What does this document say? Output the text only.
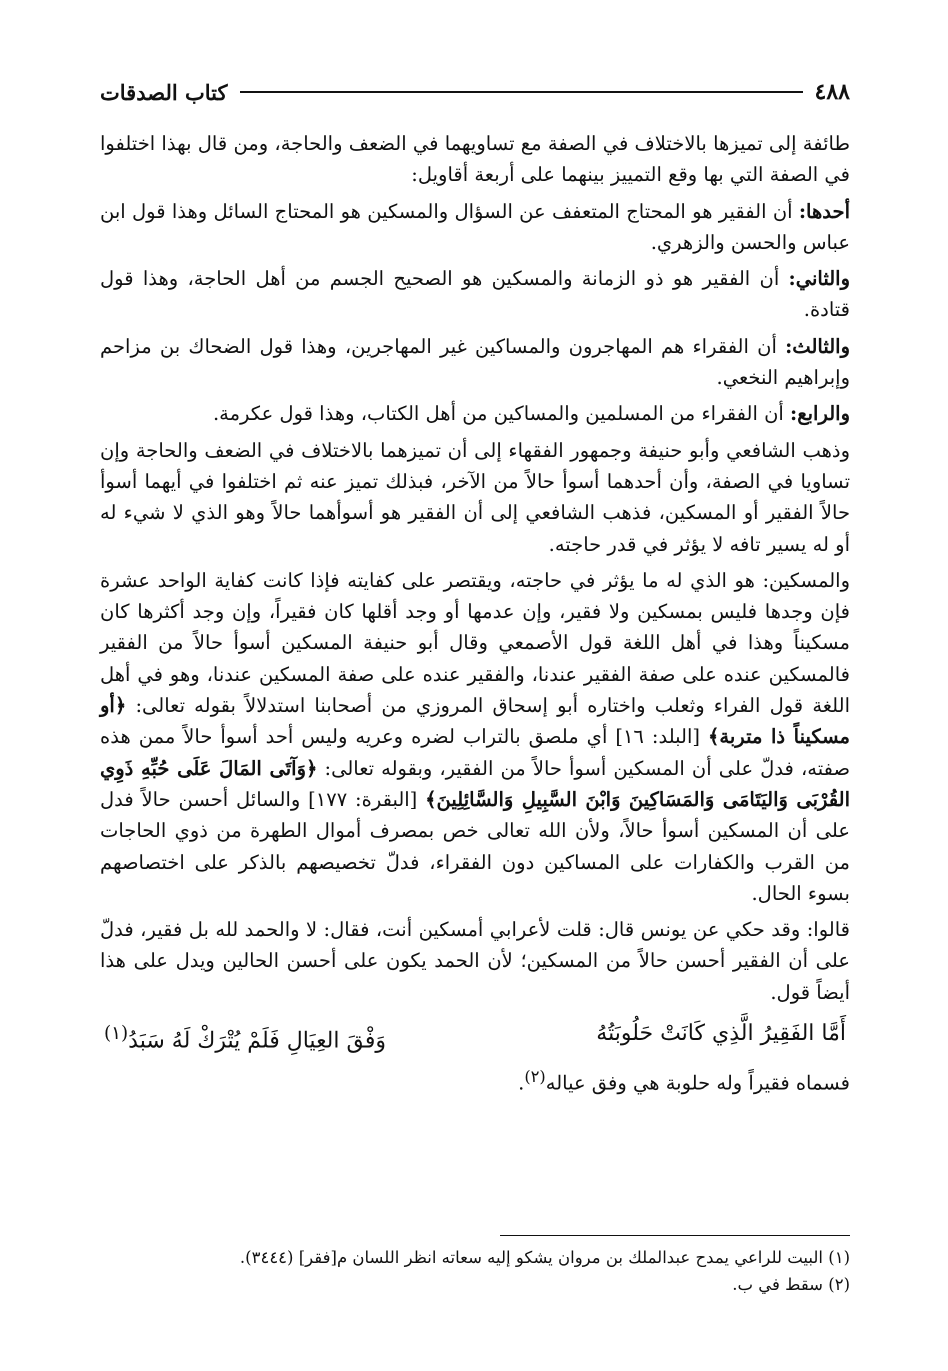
كتاب الصدقات	٤٨٨

طائفة إلى تميزها بالاختلاف في الصفة مع تساويهما في الضعف والحاجة، ومن قال بهذا اختلفوا في الصفة التي بها وقع التمييز بينهما على أربعة أقاويل:

أحدها: أن الفقير هو المحتاج المتعفف عن السؤال والمسكين هو المحتاج السائل وهذا قول ابن عباس والحسن والزهري.

والثاني: أن الفقير هو ذو الزمانة والمسكين هو الصحيح الجسم من أهل الحاجة، وهذا قول قتادة.

والثالث: أن الفقراء هم المهاجرون والمساكين غير المهاجرين، وهذا قول الضحاك بن مزاحم وإبراهيم النخعي.

والرابع: أن الفقراء من المسلمين والمساكين من أهل الكتاب، وهذا قول عكرمة.

وذهب الشافعي وأبو حنيفة وجمهور الفقهاء إلى أن تميزهما بالاختلاف في الضعف والحاجة وإن تساويا في الصفة، وأن أحدهما أسوأ حالاً من الآخر، فبذلك تميز عنه ثم اختلفوا في أيهما أسوأ حالاً الفقير أو المسكين، فذهب الشافعي إلى أن الفقير هو أسوأهما حالاً وهو الذي لا شيء له أو له يسير تافه لا يؤثر في قدر حاجته.

والمسكين: هو الذي له ما يؤثر في حاجته، ويقتصر على كفايته فإذا كانت كفاية الواحد عشرة فإن وجدها فليس بمسكين ولا فقير، وإن عدمها أو وجد أقلها كان فقيراً، وإن وجد أكثرها كان مسكيناً وهذا في أهل اللغة قول الأصمعي وقال أبو حنيفة المسكين أسوأ حالاً من الفقير فالمسكين عنده على صفة الفقير عندنا، والفقير عنده على صفة المسكين عندنا، وهو في أهل اللغة قول الفراء وثعلب واختاره أبو إسحاق المروزي من أصحابنا استدلالاً بقوله تعالى: ﴿أو مسكيناً ذا متربة﴾ [البلد: ١٦] أي ملصق بالتراب لضره وعريه وليس أحد أسوأ حالاً ممن هذه صفته، فدلّ على أن المسكين أسوأ حالاً من الفقير، وبقوله تعالى: ﴿وَآتَى المَالَ عَلَى حُبِّهِ ذَوِي القُرْبَى وَاليَتَامَى وَالمَسَاكِينَ وَابْنَ السَّبِيلِ وَالسَّائِلِينَ﴾ [البقرة: ١٧٧] والسائل أحسن حالاً فدل على أن المسكين أسوأ حالاً، ولأن الله تعالى خص بمصرف أموال الطهرة من ذوي الحاجات من القرب والكفارات على المساكين دون الفقراء، فدلّ تخصيصهم بالذكر على اختصاصهم بسوء الحال.

قالوا: وقد حكي عن يونس قال: قلت لأعرابي أمسكين أنت، فقال: لا والحمد لله بل فقير، فدلّ على أن الفقير أحسن حالاً من المسكين؛ لأن الحمد يكون على أحسن الحالين ويدل على هذا أيضاً قول.

أَمَّا الفَقِيرُ الَّذِي كَانَتْ حَلُوبَتُهُ
وَفْقَ العِيَالِ فَلَمْ يُتْرَكْ لَهُ سَبَدُ$^{(١)}$

فسماه فقيراً وله حلوبة هي وفق عياله$^{(٢)}$.

(١) البيت للراعي يمدح عبدالملك بن مروان يشكو إليه سعاته انظر اللسان م[فقر] (٣٤٤٤).
(٢) سقط في ب.
